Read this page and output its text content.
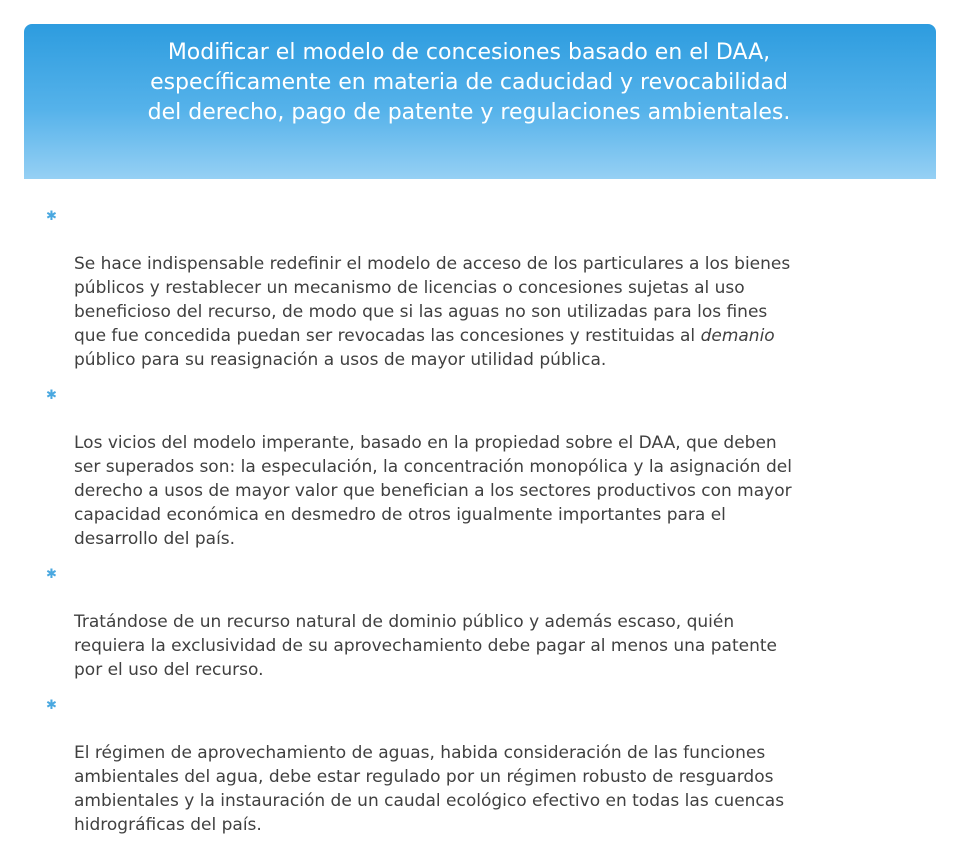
Modificar el modelo de concesiones basado en el DAA,
específicamente en materia de caducidad y revocabilidad
del derecho, pago de patente y regulaciones ambientales.

✱

Se hace indispensable redefinir el modelo de acceso de los particulares a los bienes
públicos y restablecer un mecanismo de licencias o concesiones sujetas al uso
beneficioso del recurso, de modo que si las aguas no son utilizadas para los fines
que fue concedida puedan ser revocadas las concesiones y restituidas al demanio
público para su reasignación a usos de mayor utilidad pública.

✱

Los vicios del modelo imperante, basado en la propiedad sobre el DAA, que deben
ser superados son: la especulación, la concentración monopólica y la asignación del
derecho a usos de mayor valor que benefician a los sectores productivos con mayor
capacidad económica en desmedro de otros igualmente importantes para el
desarrollo del país.

✱

Tratándose de un recurso natural de dominio público y además escaso, quién
requiera la exclusividad de su aprovechamiento debe pagar al menos una patente
por el uso del recurso.

✱

El régimen de aprovechamiento de aguas, habida consideración de las funciones
ambientales del agua, debe estar regulado por un régimen robusto de resguardos
ambientales y la instauración de un caudal ecológico efectivo en todas las cuencas
hidrográficas del país.
